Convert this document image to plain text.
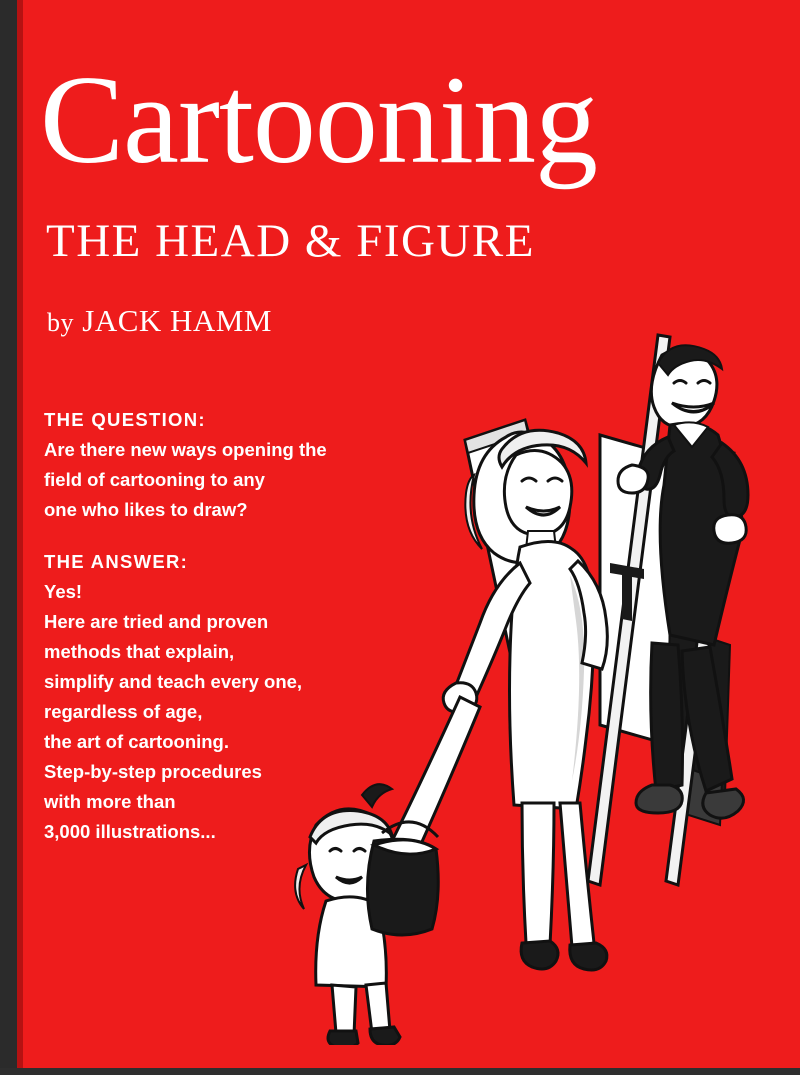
Cartooning
THE HEAD & FIGURE
by JACK HAMM
THE QUESTION:
Are there new ways opening the
field of cartooning to any
one who likes to draw?
THE ANSWER:
Yes!
Here are tried and proven
methods that explain,
simplify and teach every one,
regardless of age,
the art of cartooning.
Step-by-step procedures
with more than
3,000 illustrations...
